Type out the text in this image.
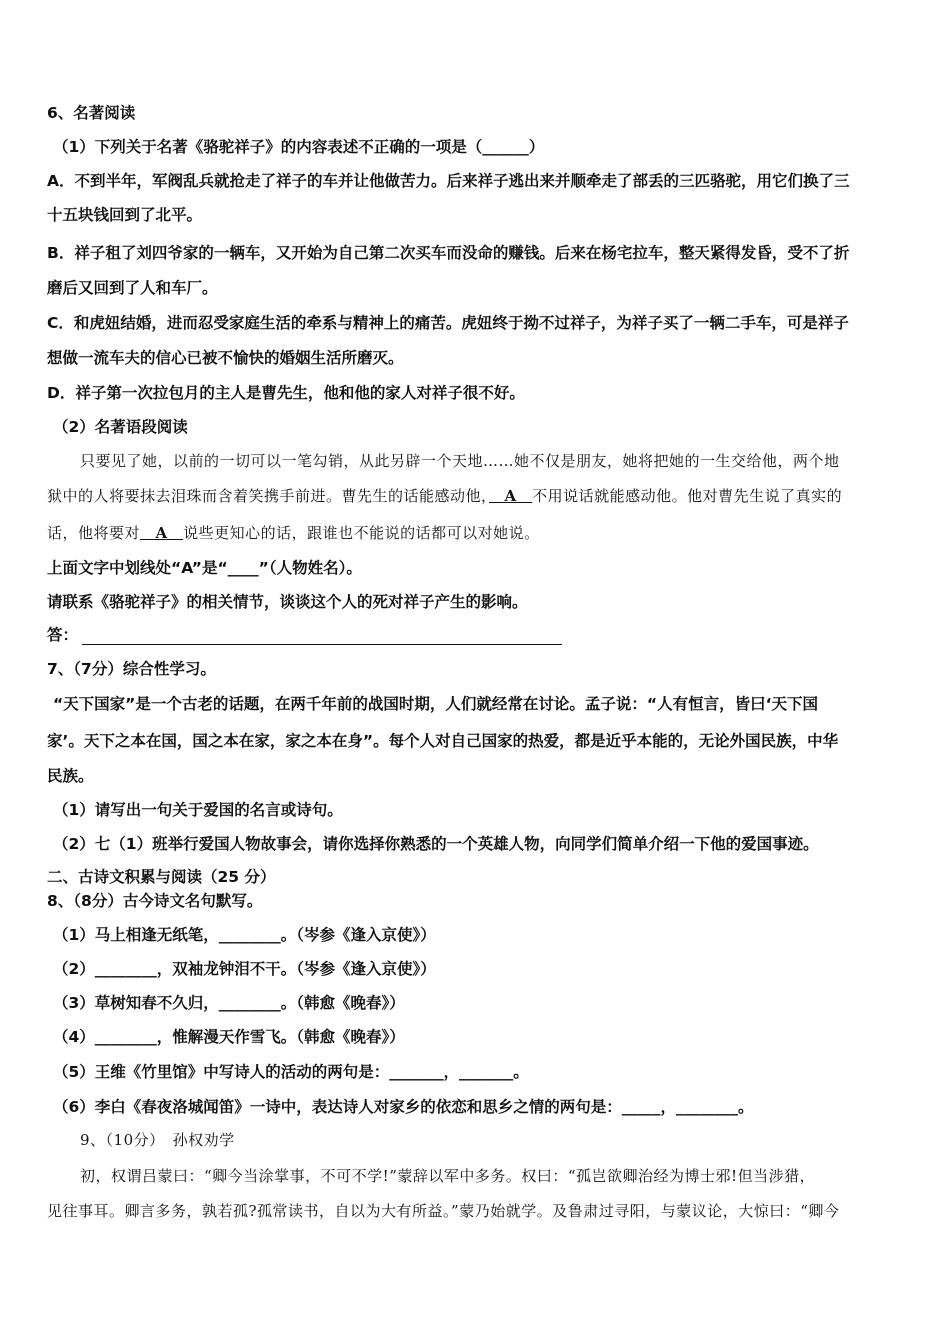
6、名著阅读
（1）下列关于名著《骆驼祥子》的内容表述不正确的一项是（______）
A．不到半年，军阀乱兵就抢走了祥子的车并让他做苦力。后来祥子逃出来并顺牵走了部丢的三匹骆驼，用它们换了三
十五块钱回到了北平。
B．祥子租了刘四爷家的一辆车，又开始为自己第二次买车而没命的赚钱。后来在杨宅拉车，整天紧得发昏，受不了折
磨后又回到了人和车厂。
C．和虎妞结婚，进而忍受家庭生活的牵系与精神上的痛苦。虎妞终于拗不过祥子，为祥子买了一辆二手车，可是祥子
想做一流车夫的信心已被不愉快的婚姻生活所磨灭。
D．祥子第一次拉包月的主人是曹先生，他和他的家人对祥子很不好。
（2）名著语段阅读
只要见了她，以前的一切可以一笔勾销，从此另辟一个天地……她不仅是朋友，她将把她的一生交给他，两个地
狱中的人将要抹去泪珠而含着笑携手前进。曹先生的话能感动他，　A　不用说话就能感动他。他对曹先生说了真实的
话，他将要对　A　说些更知心的话，跟谁也不能说的话都可以对她说。
上面文字中划线处“A”是“____”（人物姓名）。
请联系《骆驼祥子》的相关情节，谈谈这个人的死对祥子产生的影响。
答：
7、（7分）综合性学习。
“天下国家”是一个古老的话题，在两千年前的战国时期，人们就经常在讨论。孟子说：“人有恒言，皆曰‘天下国
家’。天下之本在国，国之本在家，家之本在身”。每个人对自己国家的热爱，都是近乎本能的，无论外国民族，中华
民族。
（1）请写出一句关于爱国的名言或诗句。
（2）七（1）班举行爱国人物故事会，请你选择你熟悉的一个英雄人物，向同学们简单介绍一下他的爱国事迹。
二、古诗文积累与阅读（25 分）
8、（8分）古今诗文名句默写。
（1）马上相逢无纸笔，________。（岑参《逢入京使》）
（2）________，双袖龙钟泪不干。（岑参《逢入京使》）
（3）草树知春不久归，________。（韩愈《晚春》）
（4）________，惟解漫天作雪飞。（韩愈《晚春》）
（5）王维《竹里馆》中写诗人的活动的两句是：_______，_______。
（6）李白《春夜洛城闻笛》一诗中，表达诗人对家乡的依恋和思乡之情的两句是：_____，________。
9、（10分）　孙权劝学
初，权谓吕蒙曰：“卿今当涂掌事，不可不学!”蒙辞以军中多务。权曰：“孤岂欲卿治经为博士邪!但当涉猎，
见往事耳。卿言多务，孰若孤?孤常读书，自以为大有所益。”蒙乃始就学。及鲁肃过寻阳，与蒙议论，大惊曰：“卿今
